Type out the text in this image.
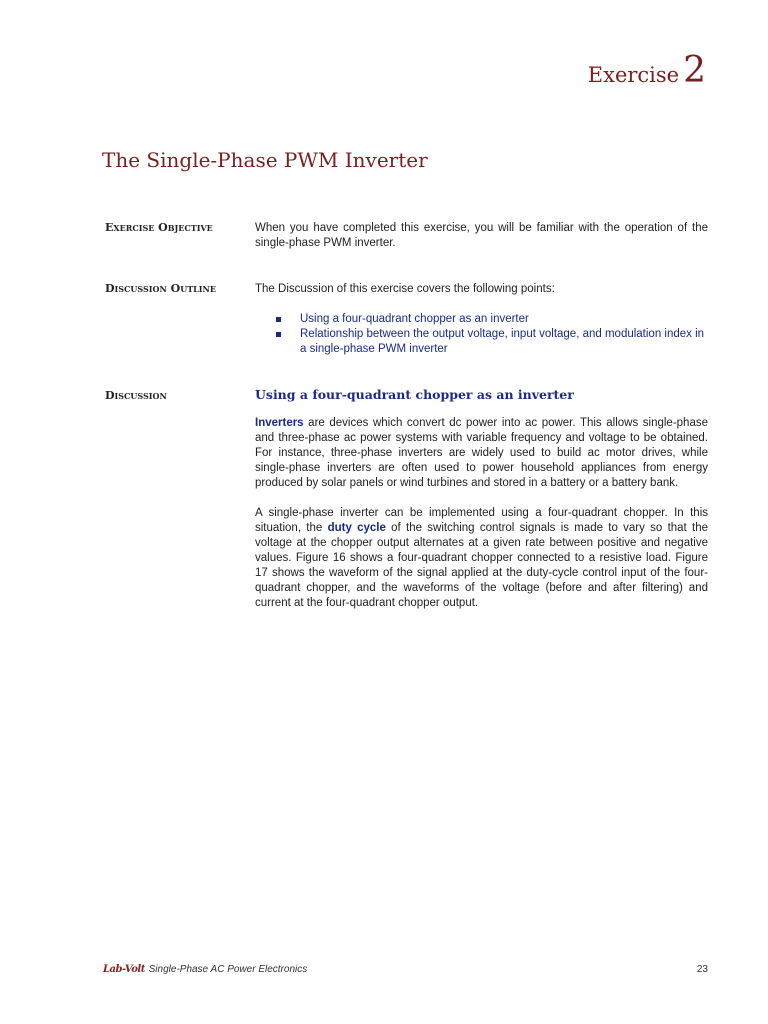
Exercise 2
The Single-Phase PWM Inverter
Exercise Objective	When you have completed this exercise, you will be familiar with the operation of the single-phase PWM inverter.

Discussion Outline	The Discussion of this exercise covers the following points:

Using a four-quadrant chopper as an inverter
Relationship between the output voltage, input voltage, and modulation index in a single-phase PWM inverter
Discussion	Using a four-quadrant chopper as an inverter

Inverters are devices which convert dc power into ac power. This allows single-phase and three-phase ac power systems with variable frequency and voltage to be obtained. For instance, three-phase inverters are widely used to build ac motor drives, while single-phase inverters are often used to power household appliances from energy produced by solar panels or wind turbines and stored in a battery or a battery bank.

A single-phase inverter can be implemented using a four-quadrant chopper. In this situation, the duty cycle of the switching control signals is made to vary so that the voltage at the chopper output alternates at a given rate between positive and negative values. Figure 16 shows a four-quadrant chopper connected to a resistive load. Figure 17 shows the waveform of the signal applied at the duty-cycle control input of the four-quadrant chopper, and the waveforms of the voltage (before and after filtering) and current at the four-quadrant chopper output.

Lab-Volt Single-Phase AC Power Electronics	23
